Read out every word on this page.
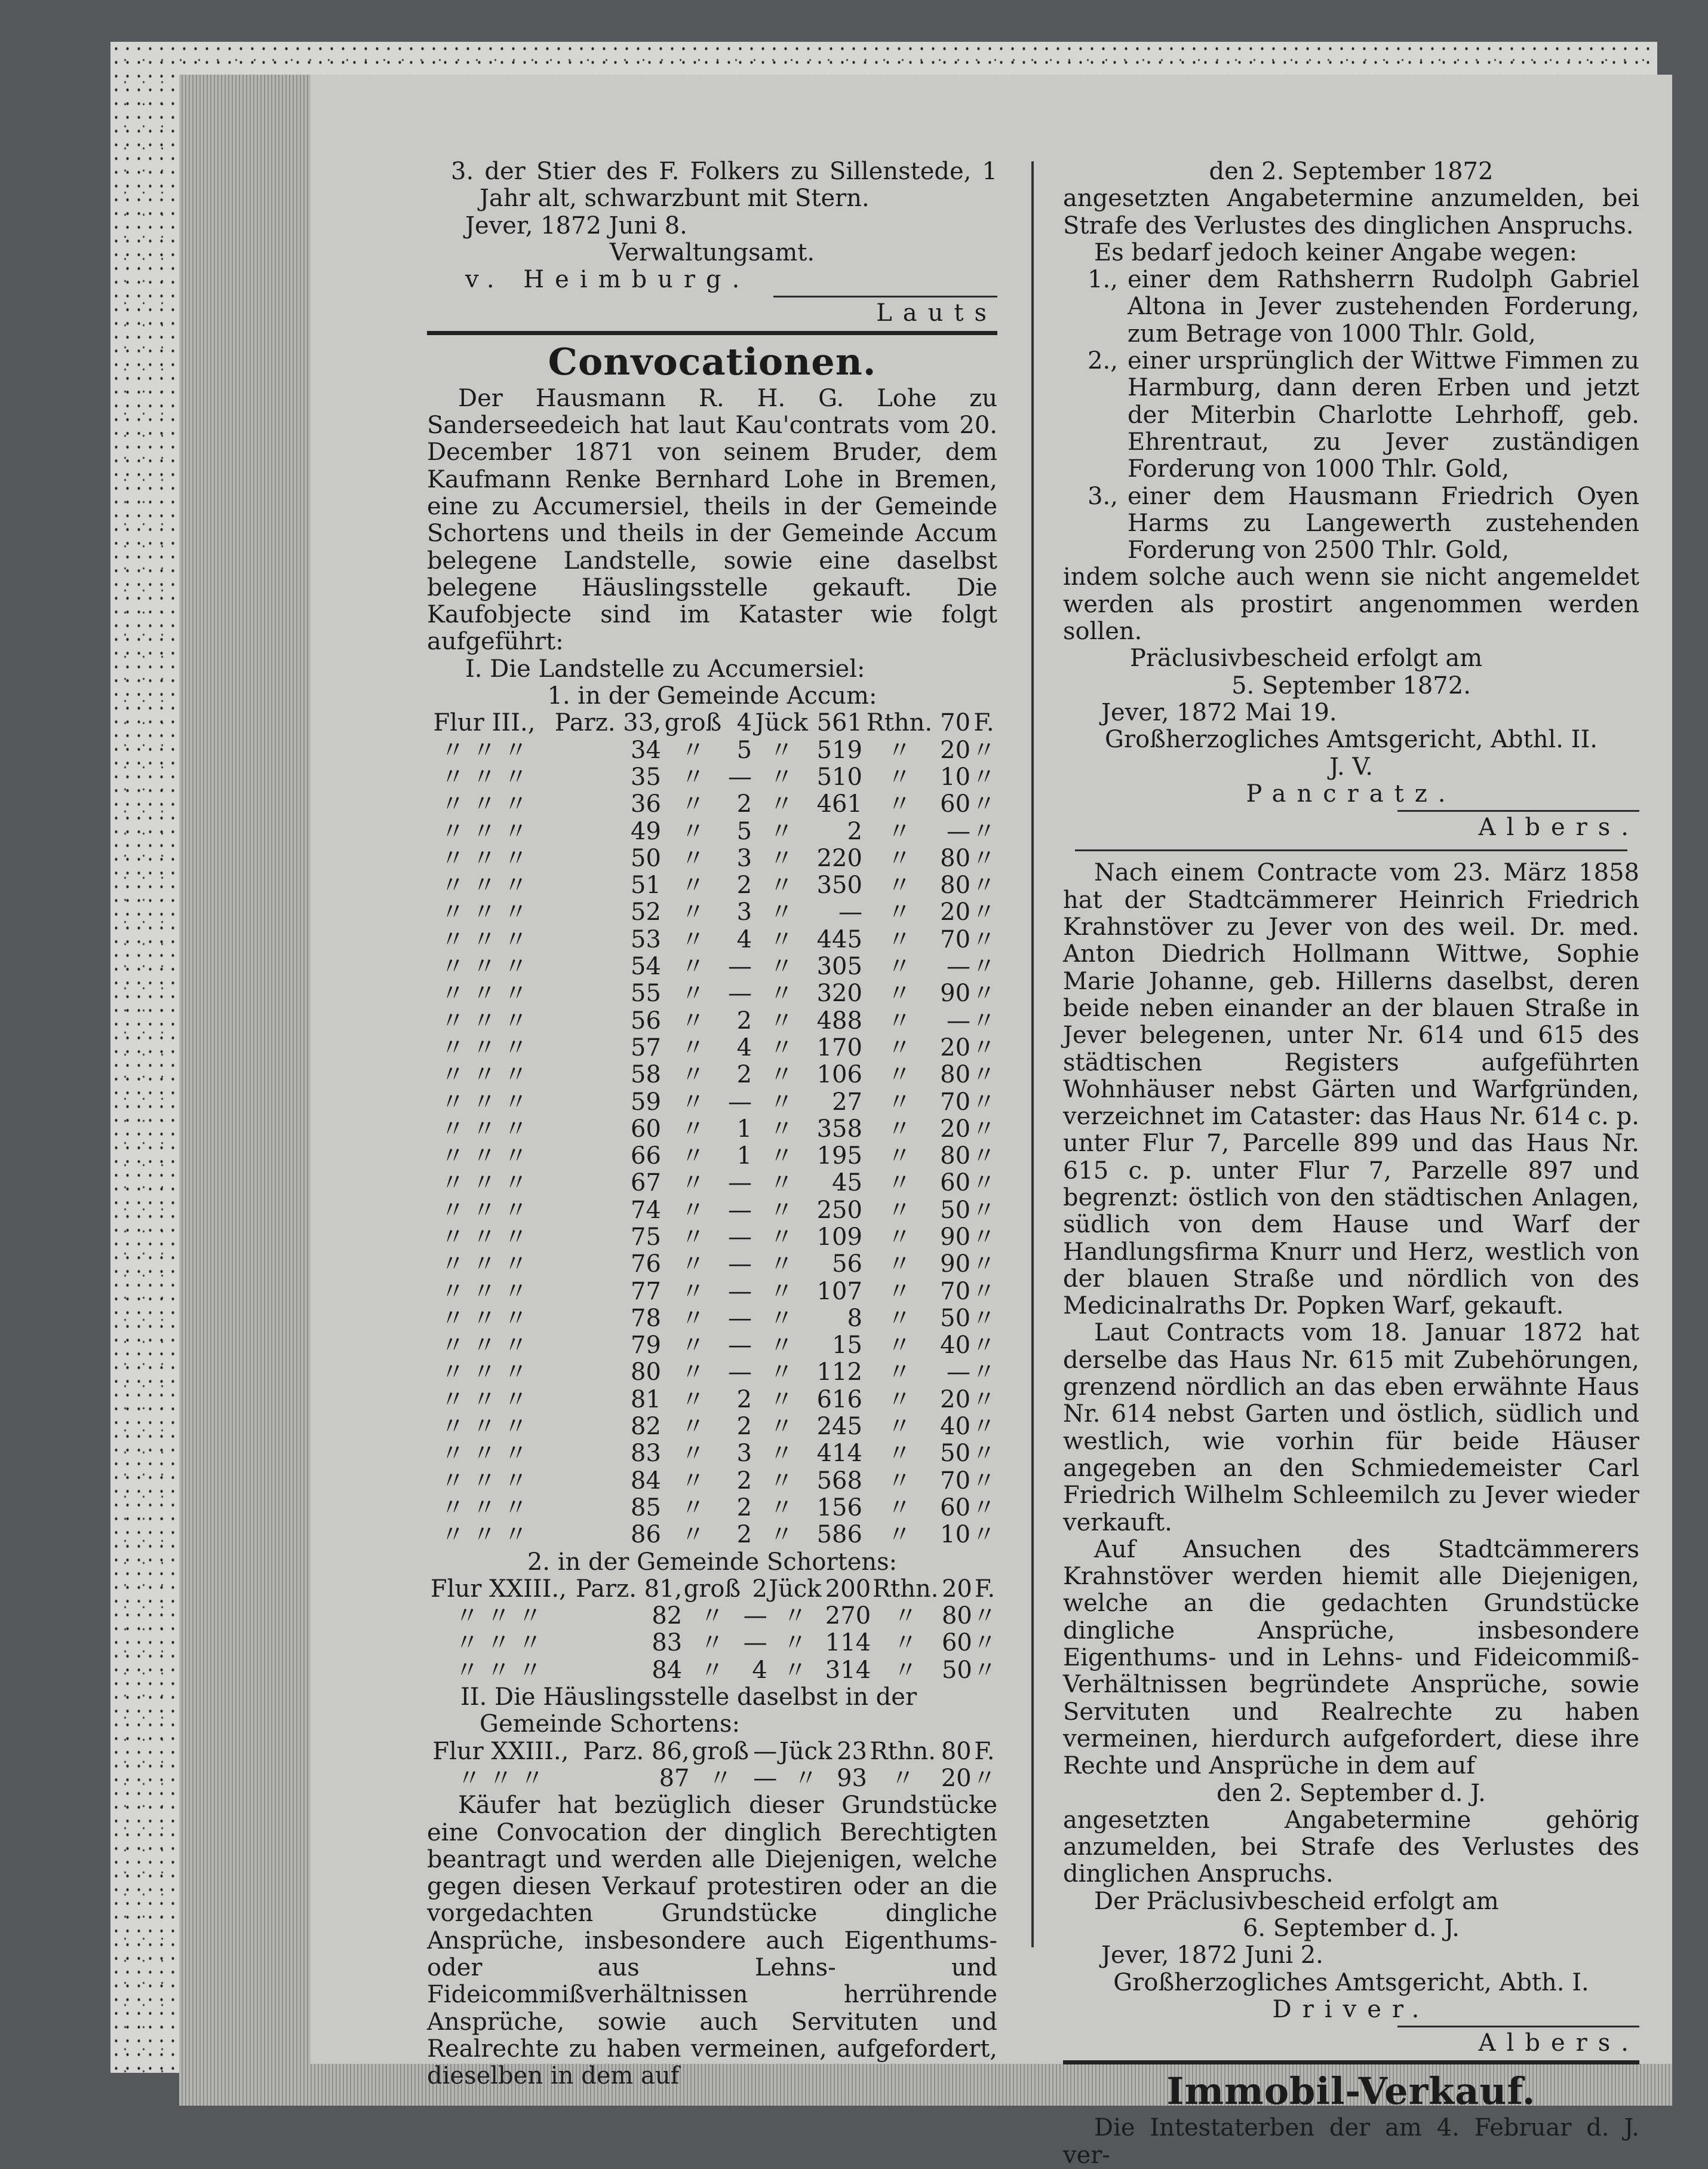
3. der Stier des F. Folkers zu Sillenstede, 1 Jahr alt, schwarzbunt mit Stern.

Jever, 1872 Juni 8.

Verwaltungsamt.

v. Heimburg.

Lauts

Convocationen.

Der Hausmann R. H. G. Lohe zu Sanderseedeich hat laut Kau'contrats vom 20. December 1871 von seinem Bruder, dem Kaufmann Renke Bernhard Lohe in Bremen, eine zu Accumersiel, theils in der Gemeinde Schortens und theils in der Gemeinde Accum belegene Landstelle, sowie eine daselbst belegene Häuslingsstelle gekauft. Die Kaufobjecte sind im Kataster wie folgt aufgeführt:

I. Die Landstelle zu Accumersiel:

1. in der Gemeinde Accum:

Flur III.,	Parz. 33,	groß	4	Jück	561	Rthn.	70	F.
〃 〃 〃	34	〃	5	〃	519	〃	20	〃
〃 〃 〃	35	〃	—	〃	510	〃	10	〃
〃 〃 〃	36	〃	2	〃	461	〃	60	〃
〃 〃 〃	49	〃	5	〃	2	〃	—	〃
〃 〃 〃	50	〃	3	〃	220	〃	80	〃
〃 〃 〃	51	〃	2	〃	350	〃	80	〃
〃 〃 〃	52	〃	3	〃	—	〃	20	〃
〃 〃 〃	53	〃	4	〃	445	〃	70	〃
〃 〃 〃	54	〃	—	〃	305	〃	—	〃
〃 〃 〃	55	〃	—	〃	320	〃	90	〃
〃 〃 〃	56	〃	2	〃	488	〃	—	〃
〃 〃 〃	57	〃	4	〃	170	〃	20	〃
〃 〃 〃	58	〃	2	〃	106	〃	80	〃
〃 〃 〃	59	〃	—	〃	27	〃	70	〃
〃 〃 〃	60	〃	1	〃	358	〃	20	〃
〃 〃 〃	66	〃	1	〃	195	〃	80	〃
〃 〃 〃	67	〃	—	〃	45	〃	60	〃
〃 〃 〃	74	〃	—	〃	250	〃	50	〃
〃 〃 〃	75	〃	—	〃	109	〃	90	〃
〃 〃 〃	76	〃	—	〃	56	〃	90	〃
〃 〃 〃	77	〃	—	〃	107	〃	70	〃
〃 〃 〃	78	〃	—	〃	8	〃	50	〃
〃 〃 〃	79	〃	—	〃	15	〃	40	〃
〃 〃 〃	80	〃	—	〃	112	〃	—	〃
〃 〃 〃	81	〃	2	〃	616	〃	20	〃
〃 〃 〃	82	〃	2	〃	245	〃	40	〃
〃 〃 〃	83	〃	3	〃	414	〃	50	〃
〃 〃 〃	84	〃	2	〃	568	〃	70	〃
〃 〃 〃	85	〃	2	〃	156	〃	60	〃
〃 〃 〃	86	〃	2	〃	586	〃	10	〃

2. in der Gemeinde Schortens:

Flur XXIII.,	Parz. 81,	groß	2	Jück	200	Rthn.	20	F.
〃 〃 〃	82	〃	—	〃	270	〃	80	〃
〃 〃 〃	83	〃	—	〃	114	〃	60	〃
〃 〃 〃	84	〃	4	〃	314	〃	50	〃

II. Die Häuslingsstelle daselbst in der Gemeinde Schortens:

Flur XXIII.,	Parz. 86,	groß	—	Jück	23	Rthn.	80	F.
〃 〃 〃	87	〃	—	〃	93	〃	20	〃

Käufer hat bezüglich dieser Grundstücke eine Convocation der dinglich Berechtigten beantragt und werden alle Diejenigen, welche gegen diesen Verkauf protestiren oder an die vorgedachten Grundstücke dingliche Ansprüche, insbesondere auch Eigenthums- oder aus Lehns- und Fideicommißverhältnissen herrührende Ansprüche, sowie auch Servituten und Realrechte zu haben vermeinen, aufgefordert, dieselben in dem auf

den 2. September 1872

angesetzten Angabetermine anzumelden, bei Strafe des Verlustes des dinglichen Anspruchs.

Es bedarf jedoch keiner Angabe wegen:

1., einer dem Rathsherrn Rudolph Gabriel Altona in Jever zustehenden Forderung, zum Betrage von 1000 Thlr. Gold,
2., einer ursprünglich der Wittwe Fimmen zu Harmburg, dann deren Erben und jetzt der Miterbin Charlotte Lehrhoff, geb. Ehrentraut, zu Jever zuständigen Forderung von 1000 Thlr. Gold,
3., einer dem Hausmann Friedrich Oyen Harms zu Langewerth zustehenden Forderung von 2500 Thlr. Gold,

indem solche auch wenn sie nicht angemeldet werden als prostirt angenommen werden sollen.

Präclusivbescheid erfolgt am

5. September 1872.

Jever, 1872 Mai 19.

Großherzogliches Amtsgericht, Abthl. II.

J. V.

Pancratz.

Albers.

Nach einem Contracte vom 23. März 1858 hat der Stadtcämmerer Heinrich Friedrich Krahnstöver zu Jever von des weil. Dr. med. Anton Diedrich Hollmann Wittwe, Sophie Marie Johanne, geb. Hillerns daselbst, deren beide neben einander an der blauen Straße in Jever belegenen, unter Nr. 614 und 615 des städtischen Registers aufgeführten Wohnhäuser nebst Gärten und Warfgründen, verzeichnet im Cataster: das Haus Nr. 614 c. p. unter Flur 7, Parcelle 899 und das Haus Nr. 615 c. p. unter Flur 7, Parzelle 897 und begrenzt: östlich von den städtischen Anlagen, südlich von dem Hause und Warf der Handlungsfirma Knurr und Herz, westlich von der blauen Straße und nördlich von des Medicinalraths Dr. Popken Warf, gekauft.

Laut Contracts vom 18. Januar 1872 hat derselbe das Haus Nr. 615 mit Zubehörungen, grenzend nördlich an das eben erwähnte Haus Nr. 614 nebst Garten und östlich, südlich und westlich, wie vorhin für beide Häuser angegeben an den Schmiedemeister Carl Friedrich Wilhelm Schleemilch zu Jever wieder verkauft.

Auf Ansuchen des Stadtcämmerers Krahnstöver werden hiemit alle Diejenigen, welche an die gedachten Grundstücke dingliche Ansprüche, insbesondere Eigenthums- und in Lehns- und Fideicommiß-Verhältnissen begründete Ansprüche, sowie Servituten und Realrechte zu haben vermeinen, hierdurch aufgefordert, diese ihre Rechte und Ansprüche in dem auf

den 2. September d. J.

angesetzten Angabetermine gehörig anzumelden, bei Strafe des Verlustes des dinglichen Anspruchs.

Der Präclusivbescheid erfolgt am

6. September d. J.

Jever, 1872 Juni 2.

Großherzogliches Amtsgericht, Abth. I.

Driver.

Albers.

Immobil-Verkauf.

Die Intestaterben der am 4. Februar d. J. ver-
